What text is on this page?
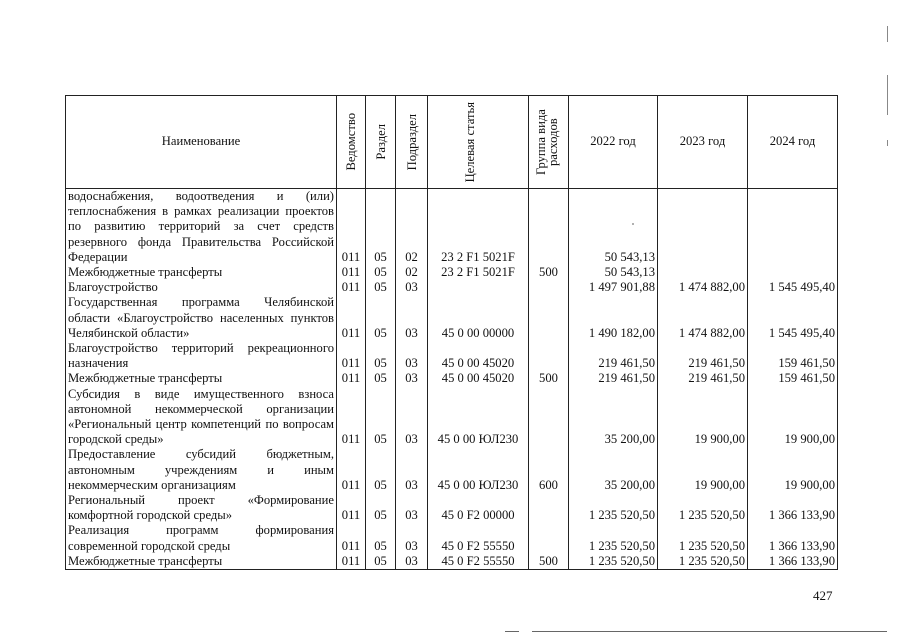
Наименование	Ведомство	Раздел	Подраздел	Целевая статья	Группа вида расходов	2022 год	2023 год	2024 год
водоснабжения, водоотведения и (или) теплоснабжения в рамках реализации проектов по развитию территорий за счет средств резервного фонда Правительства Российской Федерации	011	05	02	23 2 F1 5021F		50 543,13		
Межбюджетные трансферты	011	05	02	23 2 F1 5021F	500	50 543,13		
Благоустройство	011	05	03			1 497 901,88	1 474 882,00	1 545 495,40
Государственная программа Челябинской области «Благоустройство населенных пунктов Челябинской области»	011	05	03	45 0 00 00000		1 490 182,00	1 474 882,00	1 545 495,40
Благоустройство территорий рекреационного назначения	011	05	03	45 0 00 45020		219 461,50	219 461,50	159 461,50
Межбюджетные трансферты	011	05	03	45 0 00 45020	500	219 461,50	219 461,50	159 461,50
Субсидия в виде имущественного взноса автономной некоммерческой организации «Региональный центр компетенций по вопросам городской среды»	011	05	03	45 0 00 ЮЛ230		35 200,00	19 900,00	19 900,00
Предоставление субсидий бюджетным, автономным учреждениям и иным некоммерческим организациям	011	05	03	45 0 00 ЮЛ230	600	35 200,00	19 900,00	19 900,00
Региональный проект «Формирование комфортной городской среды»	011	05	03	45 0 F2 00000		1 235 520,50	1 235 520,50	1 366 133,90
Реализация программ формирования современной городской среды	011	05	03	45 0 F2 55550		1 235 520,50	1 235 520,50	1 366 133,90
Межбюджетные трансферты	011	05	03	45 0 F2 55550	500	1 235 520,50	1 235 520,50	1 366 133,90
427
